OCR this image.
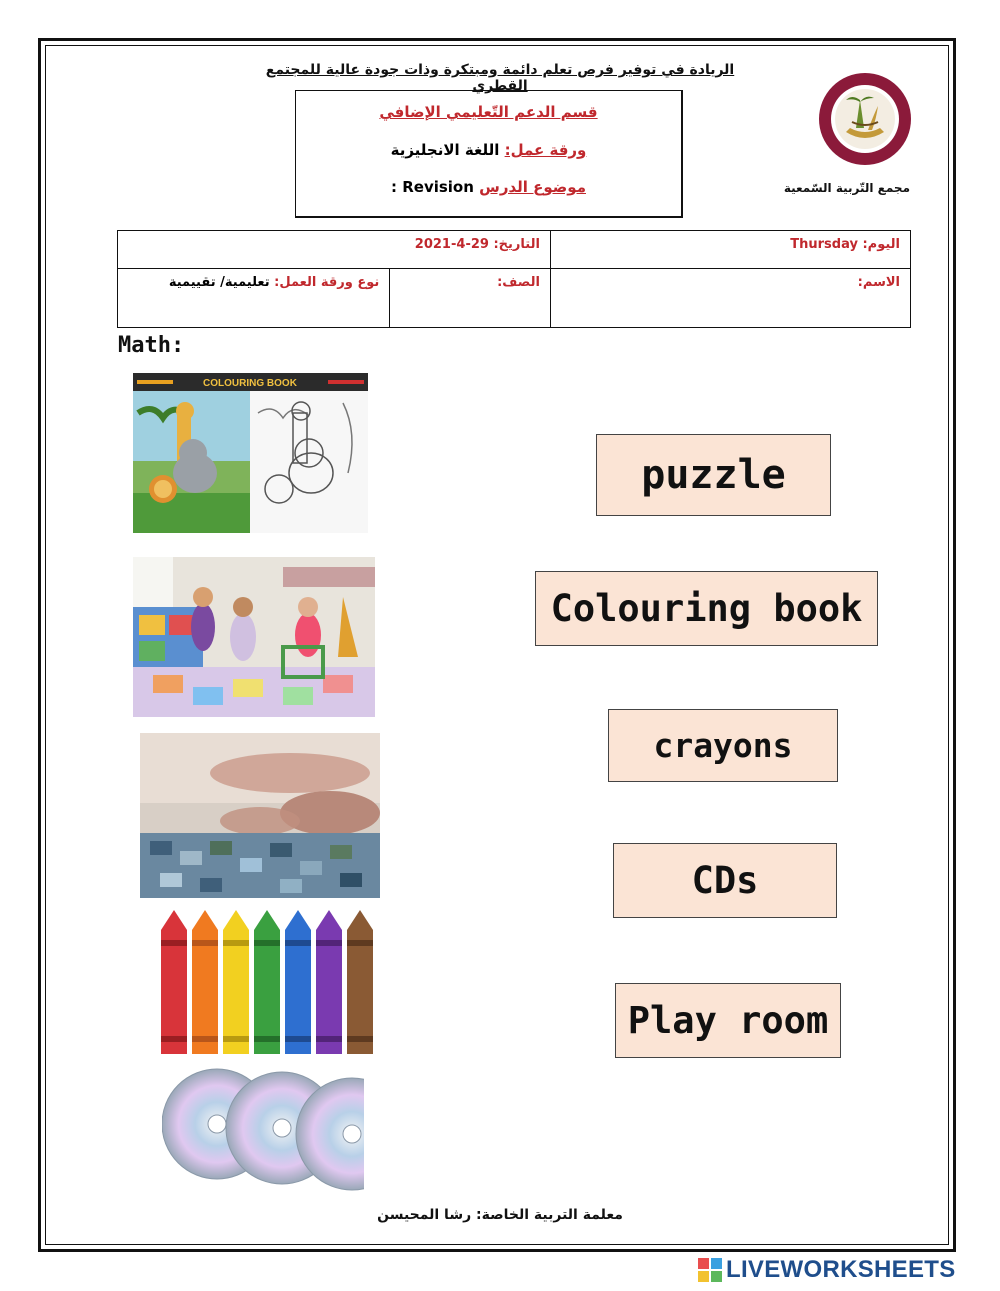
الريادة في توفير فرص تعلم دائمة ومبتكرة وذات جودة عالية للمجتمع القطري
قسم الدعم التّعليمي الإضافي
ورقة عمل: اللغة الانجليزية
موضوع الدرس Revision :	مجمع التّربية السّمعية
التاريخ: 29-4-2021		اليوم: Thursday
نوع ورقة العمل: تعليمية/ تقييمية	الصف:	الاسم:
Math:
COLOURING BOOK
puzzle
Colouring book
crayons
CDs
Play room
معلمة التربية الخاصة: رشا المحيسن
LIVEWORKSHEETS
